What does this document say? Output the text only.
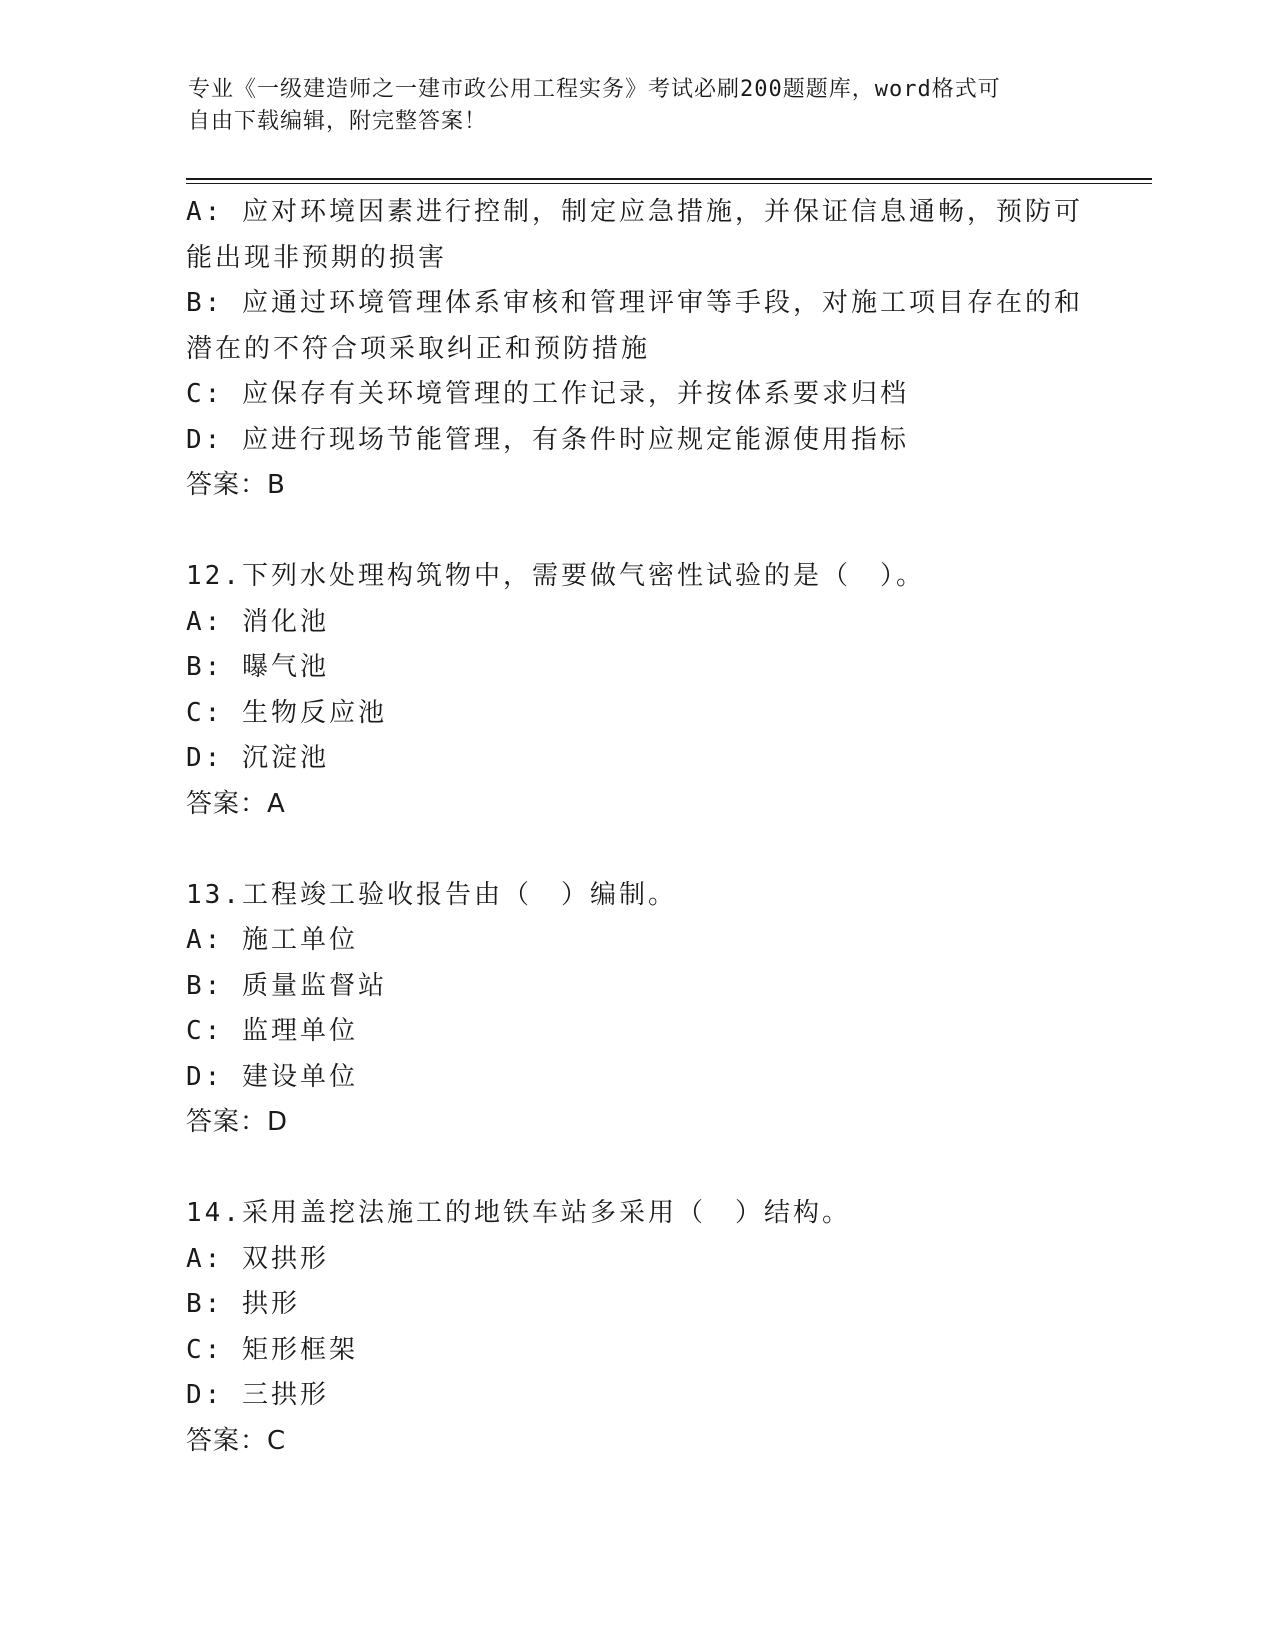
专业《一级建造师之一建市政公用工程实务》考试必刷200题题库，word格式可
自由下载编辑，附完整答案！
A: 应对环境因素进行控制，制定应急措施，并保证信息通畅，预防可
能出现非预期的损害
B: 应通过环境管理体系审核和管理评审等手段，对施工项目存在的和
潜在的不符合项采取纠正和预防措施
C: 应保存有关环境管理的工作记录，并按体系要求归档
D: 应进行现场节能管理，有条件时应规定能源使用指标
答案：B
12.下列水处理构筑物中，需要做气密性试验的是（　）。
A: 消化池
B: 曝气池
C: 生物反应池
D: 沉淀池
答案：A
13.工程竣工验收报告由（　）编制。
A: 施工单位
B: 质量监督站
C: 监理单位
D: 建设单位
答案：D
14.采用盖挖法施工的地铁车站多采用（　）结构。
A: 双拱形
B: 拱形
C: 矩形框架
D: 三拱形
答案：C
